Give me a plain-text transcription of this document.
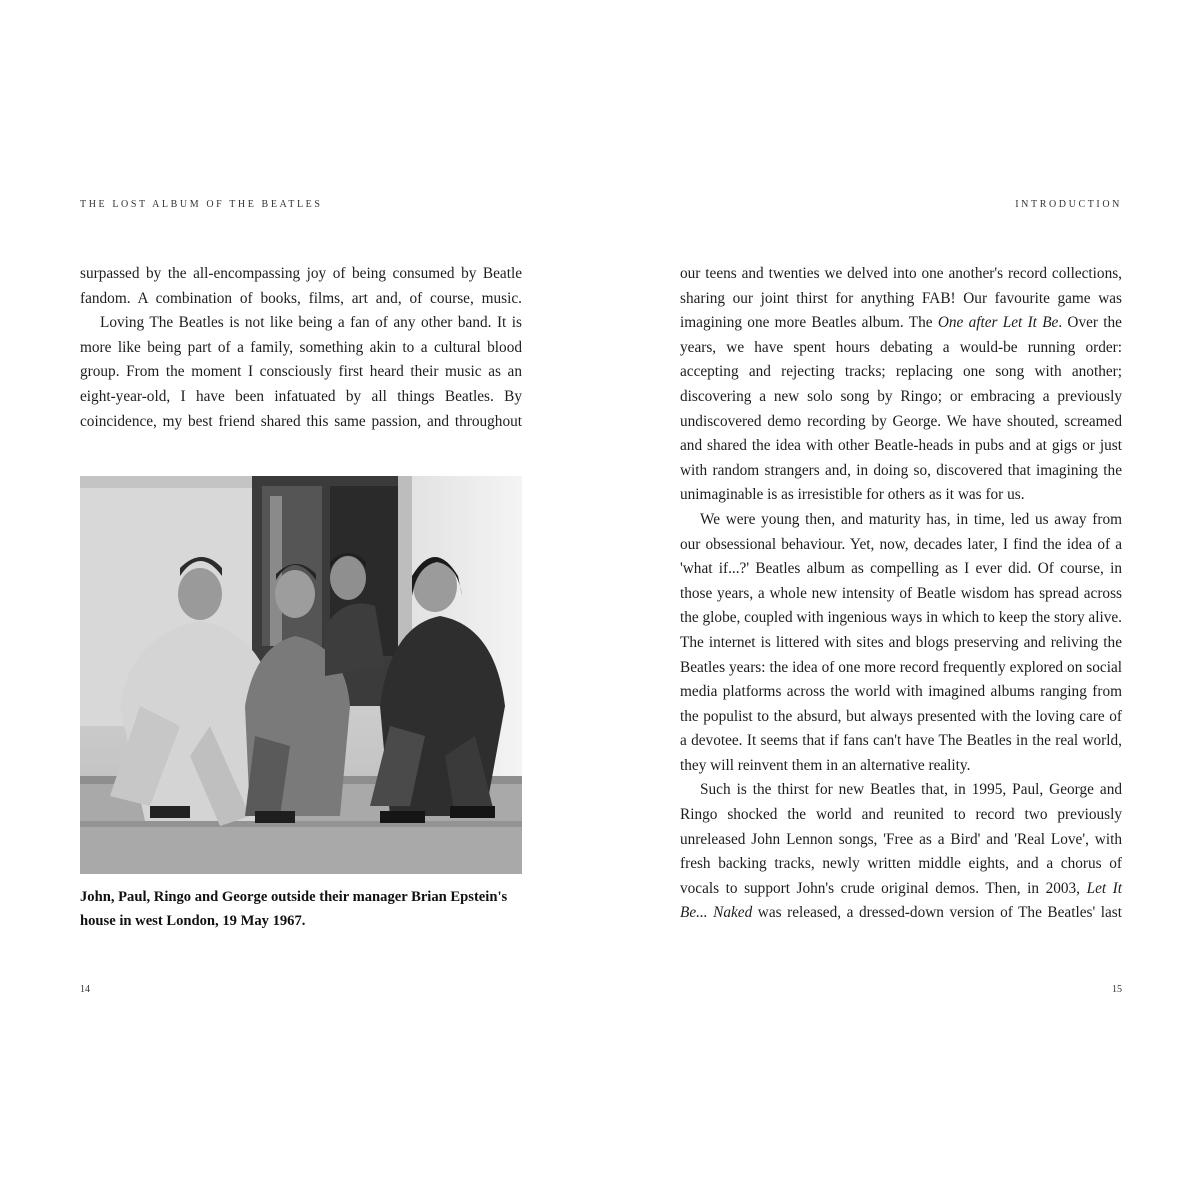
THE LOST ALBUM OF THE BEATLES

surpassed by the all-encompassing joy of being consumed by Beatle fandom. A combination of books, films, art and, of course, music.

Loving The Beatles is not like being a fan of any other band. It is more like being part of a family, something akin to a cultural blood group. From the moment I consciously first heard their music as an eight-year-old, I have been infatuated by all things Beatles. By coincidence, my best friend shared this same passion, and throughout

John, Paul, Ringo and George outside their manager Brian Epstein's house in west London, 19 May 1967.
14
INTRODUCTION

our teens and twenties we delved into one another's record collections, sharing our joint thirst for anything FAB! Our favourite game was imagining one more Beatles album. The One after Let It Be. Over the years, we have spent hours debating a would-be running order: accepting and rejecting tracks; replacing one song with another; discovering a new solo song by Ringo; or embracing a previously undiscovered demo recording by George. We have shouted, screamed and shared the idea with other Beatle-heads in pubs and at gigs or just with random strangers and, in doing so, discovered that imagining the unimaginable is as irresistible for others as it was for us.

We were young then, and maturity has, in time, led us away from our obsessional behaviour. Yet, now, decades later, I find the idea of a 'what if...?' Beatles album as compelling as I ever did. Of course, in those years, a whole new intensity of Beatle wisdom has spread across the globe, coupled with ingenious ways in which to keep the story alive. The internet is littered with sites and blogs preserving and reliving the Beatles years: the idea of one more record frequently explored on social media platforms across the world with imagined albums ranging from the populist to the absurd, but always presented with the loving care of a devotee. It seems that if fans can't have The Beatles in the real world, they will reinvent them in an alternative reality.

Such is the thirst for new Beatles that, in 1995, Paul, George and Ringo shocked the world and reunited to record two previously unreleased John Lennon songs, 'Free as a Bird' and 'Real Love', with fresh backing tracks, newly written middle eights, and a chorus of vocals to support John's crude original demos. Then, in 2003, Let It Be... Naked was released, a dressed-down version of The Beatles' last

15
